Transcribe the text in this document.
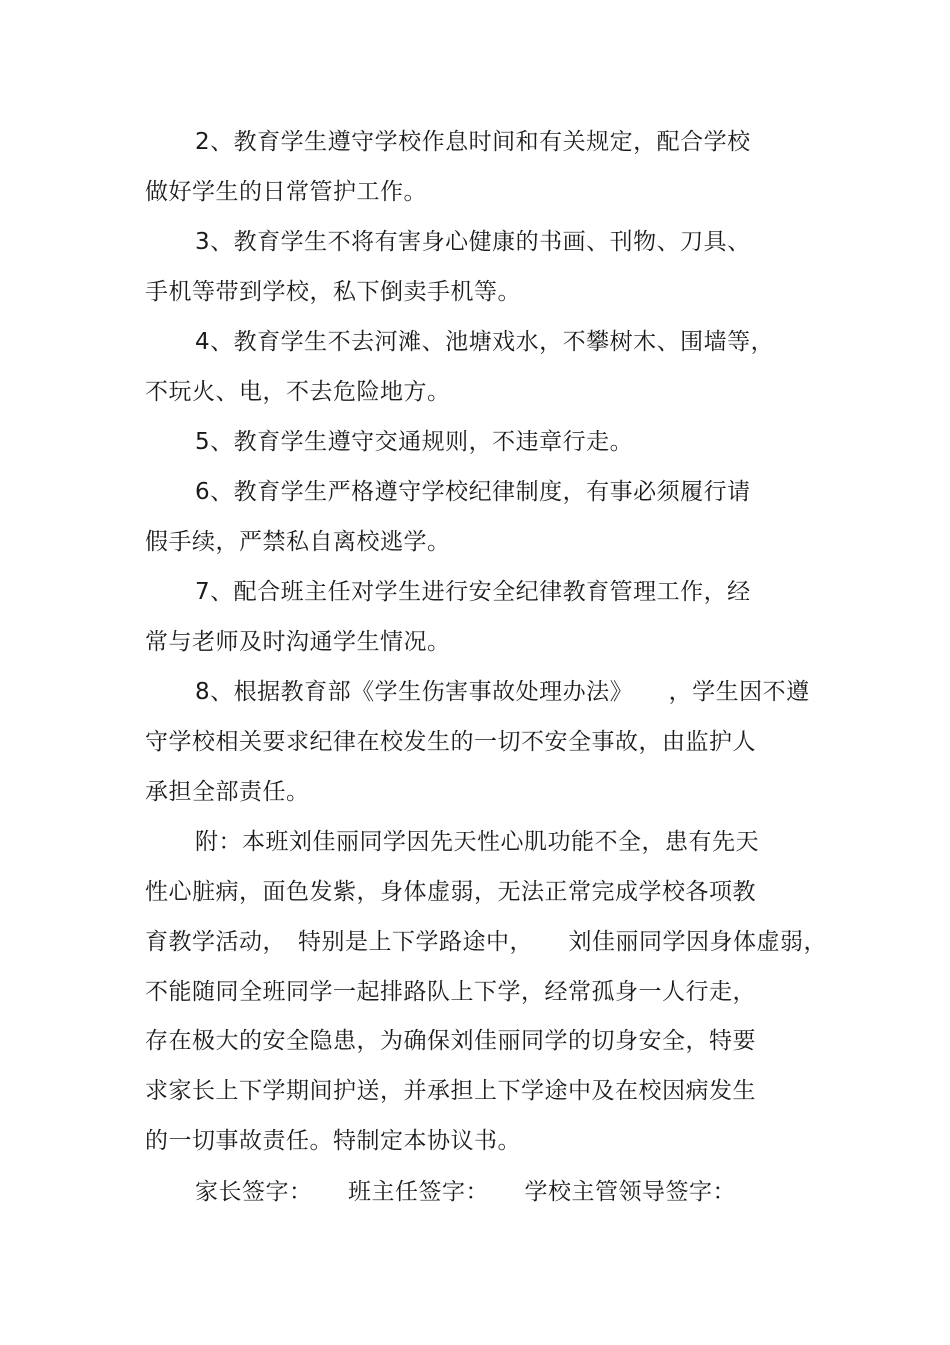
2、教育学生遵守学校作息时间和有关规定，配合学校
做好学生的日常管护工作。
3、教育学生不将有害身心健康的书画、刊物、刀具、
手机等带到学校，私下倒卖手机等。
4、教育学生不去河滩、池塘戏水，不攀树木、围墙等，
不玩火、电，不去危险地方。
5、教育学生遵守交通规则，不违章行走。
6、教育学生严格遵守学校纪律制度，有事必须履行请
假手续，严禁私自离校逃学。
7、配合班主任对学生进行安全纪律教育管理工作，经
常与老师及时沟通学生情况。
8、根据教育部《学生伤害事故处理办法》　　，学生因不遵
守学校相关要求纪律在校发生的一切不安全事故，由监护人
承担全部责任。
附：本班刘佳丽同学因先天性心肌功能不全，患有先天
性心脏病，面色发紫，身体虚弱，无法正常完成学校各项教
育教学活动，　特别是上下学路途中，　　刘佳丽同学因身体虚弱，
不能随同全班同学一起排路队上下学，经常孤身一人行走，
存在极大的安全隐患，为确保刘佳丽同学的切身安全，特要
求家长上下学期间护送，并承担上下学途中及在校因病发生
的一切事故责任。特制定本协议书。
家长签字：　　班主任签字：　　学校主管领导签字：
